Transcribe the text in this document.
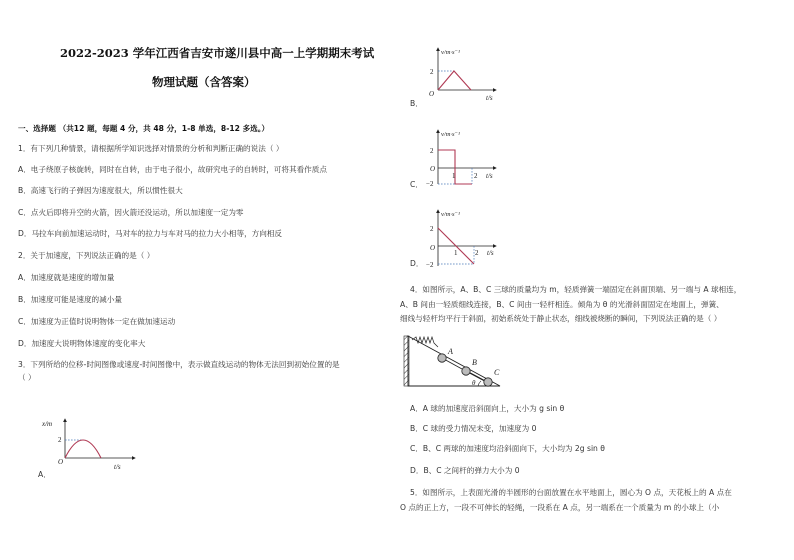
2022-2023 学年江西省吉安市遂川县中高一上学期期末考试
物理试题（含答案）
一、选择题 （共12 题，每题 4 分，共 48 分，1-8 单选，8-12 多选。）
1．有下列几种情景，请根据所学知识选择对情景的分析和判断正确的说法（ ）
A．电子绕原子核旋转，同时在自转，由于电子很小，故研究电子的自转时，可将其看作质点
B．高速飞行的子弹因为速度很大，所以惯性很大
C．点火后即将升空的火箭，因火箭还没运动，所以加速度一定为零
D．马拉车向前加速运动时，马对车的拉力与车对马的拉力大小相等，方向相反
2．关于加速度，下列说法正确的是（ ）
A．加速度就是速度的增加量
B．加速度可能是速度的减小量
C．加速度为正值时说明物体一定在做加速运动
D．加速度大说明物体速度的变化率大
3．下列所给的位移-时间图像或速度-时间图像中，表示做直线运动的物体无法回到初始位置的是
（ ）
x/m
2
O
t/s
A．
v/m·s⁻¹
2
O	t/s
B．
v/m·s⁻¹
2
O
−2
1	2 t/s
C．
v/m·s⁻¹
2
O
−2
1	2 t/s
D．
4．如图所示，A、B、C 三球的质量均为 m，轻质弹簧一端固定在斜面顶端、另一端与 A 球相连，
A、B 间由一轻质细线连接，B、C 间由一轻杆相连。倾角为 θ 的光滑斜面固定在地面上，弹簧、
细线与轻杆均平行于斜面，初始系统处于静止状态，细线被烧断的瞬间，下列说法正确的是（ ）
A
B
C
θ
A．A 球的加速度沿斜面向上，大小为 g sin θ
B．C 球的受力情况未变，加速度为 0
C．B、C 两球的加速度均沿斜面向下，大小均为 2g sin θ
D．B、C 之间杆的弹力大小为 0
5．如图所示，上表面光滑的半圆形的台面放置在水平地面上，圆心为 O 点，天花板上的 A 点在
O 点的正上方，一段不可伸长的轻绳，一段系在 A 点，另一端系在一个质量为 m 的小球上（小
